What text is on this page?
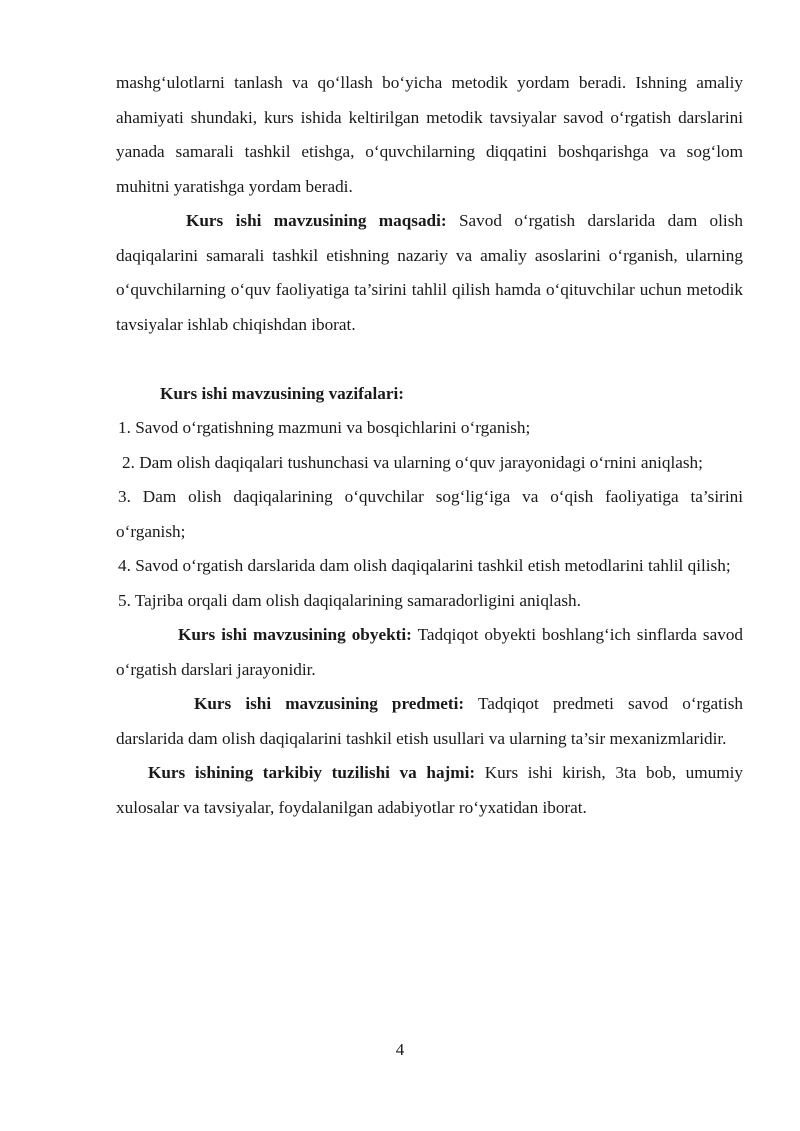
mashg‘ulotlarni tanlash va qo‘llash bo‘yicha metodik yordam beradi. Ishning amaliy ahamiyati shundaki, kurs ishida keltirilgan metodik tavsiyalar savod o‘rgatish darslarini yanada samarali tashkil etishga, o‘quvchilarning diqqatini boshqarishga va sog‘lom muhitni yaratishga yordam beradi.

Kurs ishi mavzusining maqsadi: Savod o‘rgatish darslarida dam olish daqiqalarini samarali tashkil etishning nazariy va amaliy asoslarini o‘rganish, ularning o‘quvchilarning o‘quv faoliyatiga ta’sirini tahlil qilish hamda o‘qituvchilar uchun metodik tavsiyalar ishlab chiqishdan iborat.

Kurs ishi mavzusining vazifalari:

1. Savod o‘rgatishning mazmuni va bosqichlarini o‘rganish;

2. Dam olish daqiqalari tushunchasi va ularning o‘quv jarayonidagi o‘rnini aniqlash;

3. Dam olish daqiqalarining o‘quvchilar sog‘lig‘iga va o‘qish faoliyatiga ta’sirini o‘rganish;

4. Savod o‘rgatish darslarida dam olish daqiqalarini tashkil etish metodlarini tahlil qilish;

5. Tajriba orqali dam olish daqiqalarining samaradorligini aniqlash.

Kurs ishi mavzusining obyekti: Tadqiqot obyekti boshlang‘ich sinflarda savod o‘rgatish darslari jarayonidir.

Kurs ishi mavzusining predmeti: Tadqiqot predmeti savod o‘rgatish darslarida dam olish daqiqalarini tashkil etish usullari va ularning ta’sir mexanizmlaridir.

Kurs ishining tarkibiy tuzilishi va hajmi: Kurs ishi kirish, 3ta bob, umumiy xulosalar va tavsiyalar, foydalanilgan adabiyotlar ro‘yxatidan iborat.

4
